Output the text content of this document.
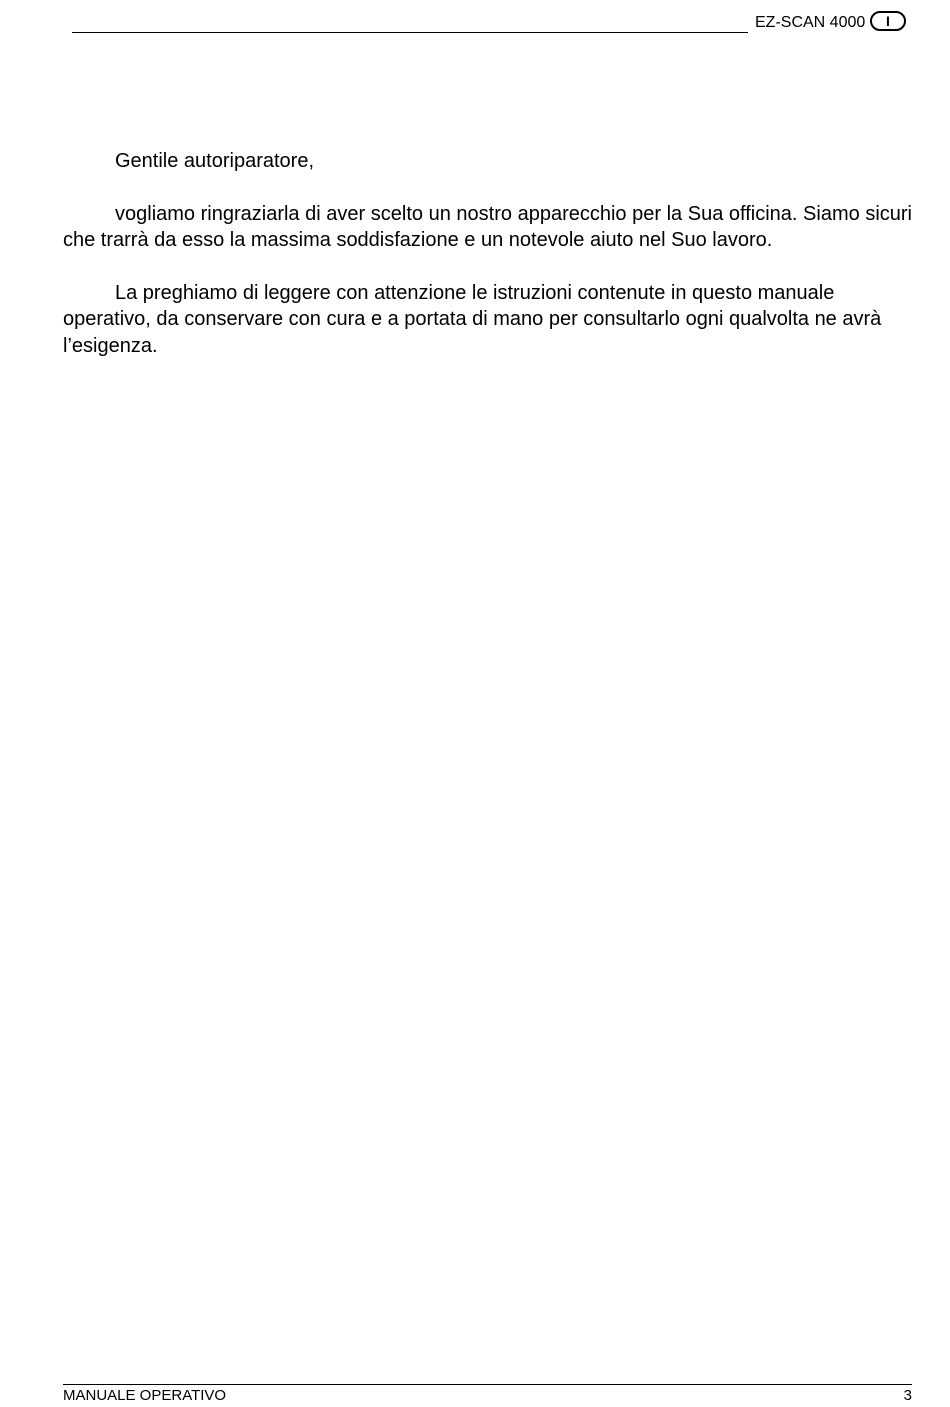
EZ-SCAN 4000	I

Gentile autoriparatore,

vogliamo ringraziarla di aver scelto un nostro apparecchio per la Sua officina. Siamo sicuri che trarrà da esso la massima soddisfazione e un notevole aiuto nel Suo lavoro.

La preghiamo di leggere con attenzione le istruzioni contenute in questo manuale operativo, da conservare con cura e a portata di mano per consultarlo ogni qualvolta ne avrà l’esigenza.

MANUALE OPERATIVO	3
